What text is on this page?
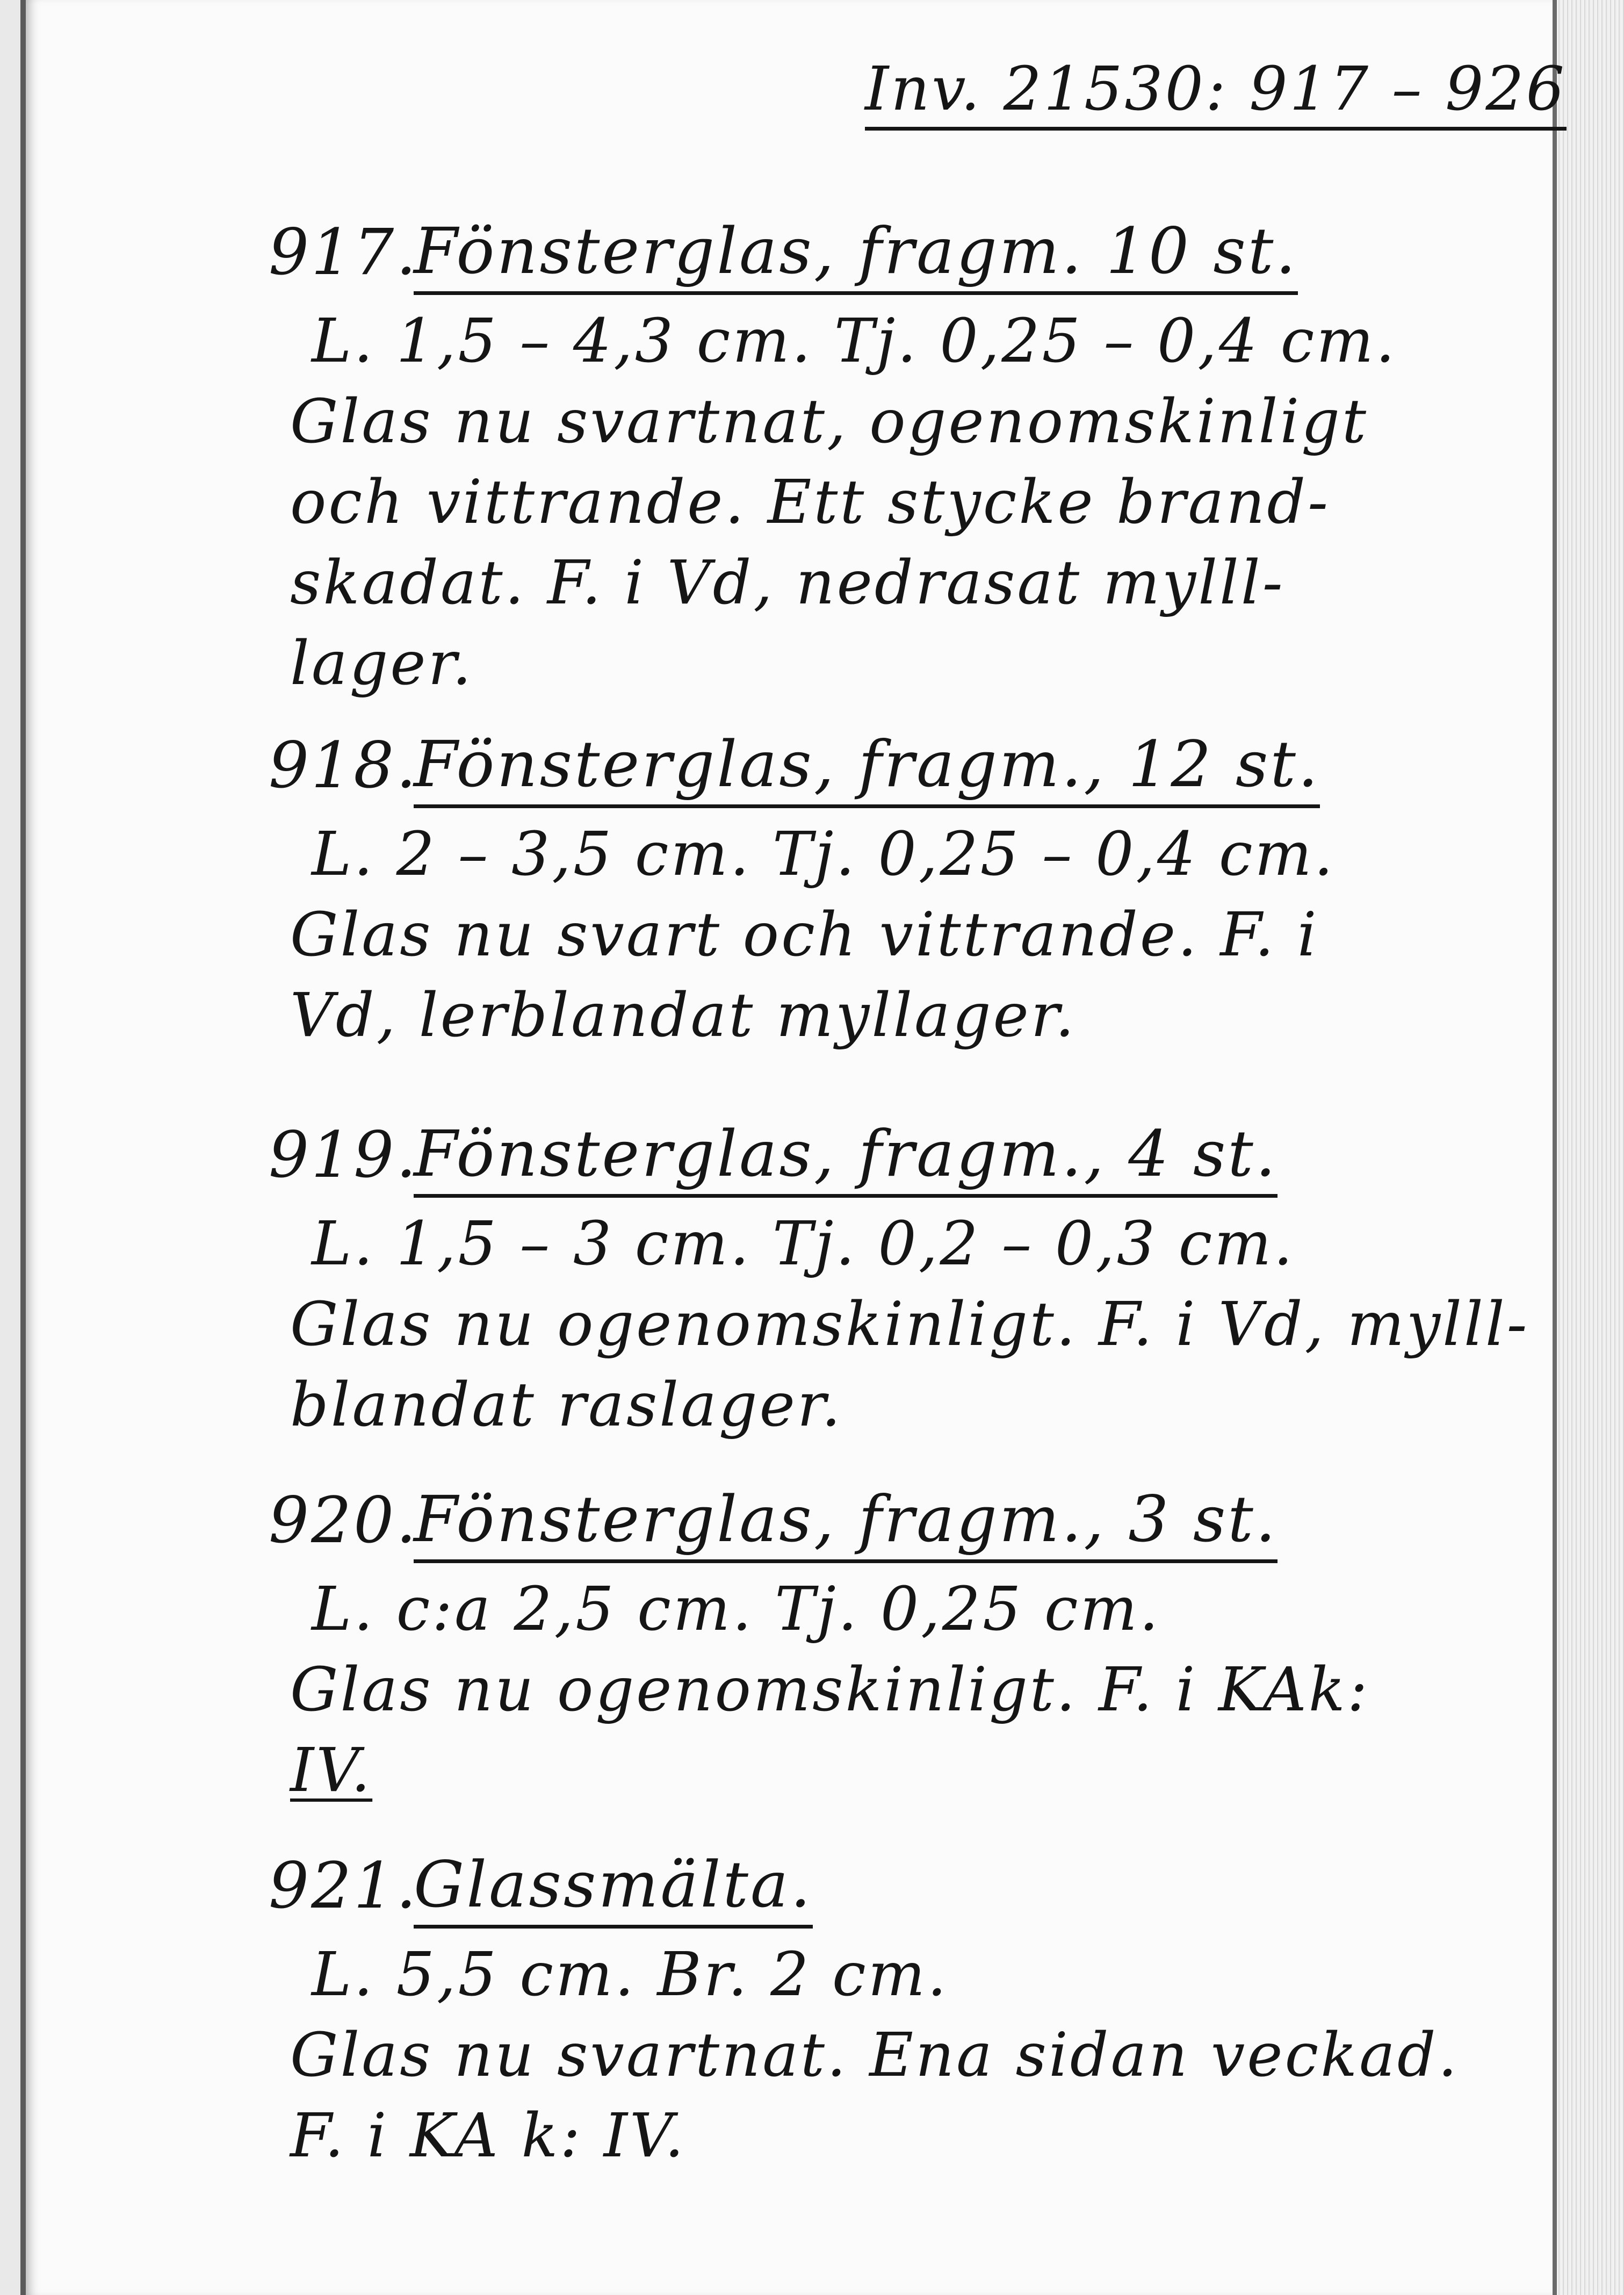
Inv. 21530: 917 – 926
917.
Fönsterglas, fragm. 10 st.
L. 1,5 – 4,3 cm. Tj. 0,25 – 0,4 cm.
Glas nu svartnat, ogenomskinligt
och vittrande. Ett stycke brand-
skadat. F. i Vd, nedrasat mylll-
lager.
918.
Fönsterglas, fragm., 12 st.
L. 2 – 3,5 cm. Tj. 0,25 – 0,4 cm.
Glas nu svart och vittrande. F. i
Vd, lerblandat myllager.
919.
Fönsterglas, fragm., 4 st.
L. 1,5 – 3 cm. Tj. 0,2 – 0,3 cm.
Glas nu ogenomskinligt. F. i Vd, mylll-
blandat raslager.
920.
Fönsterglas, fragm., 3 st.
L. c:a 2,5 cm. Tj. 0,25 cm.
Glas nu ogenomskinligt. F. i KAk:
IV.
921.
Glassmälta.
L. 5,5 cm. Br. 2 cm.
Glas nu svartnat. Ena sidan veckad.
F. i KA k: IV.
